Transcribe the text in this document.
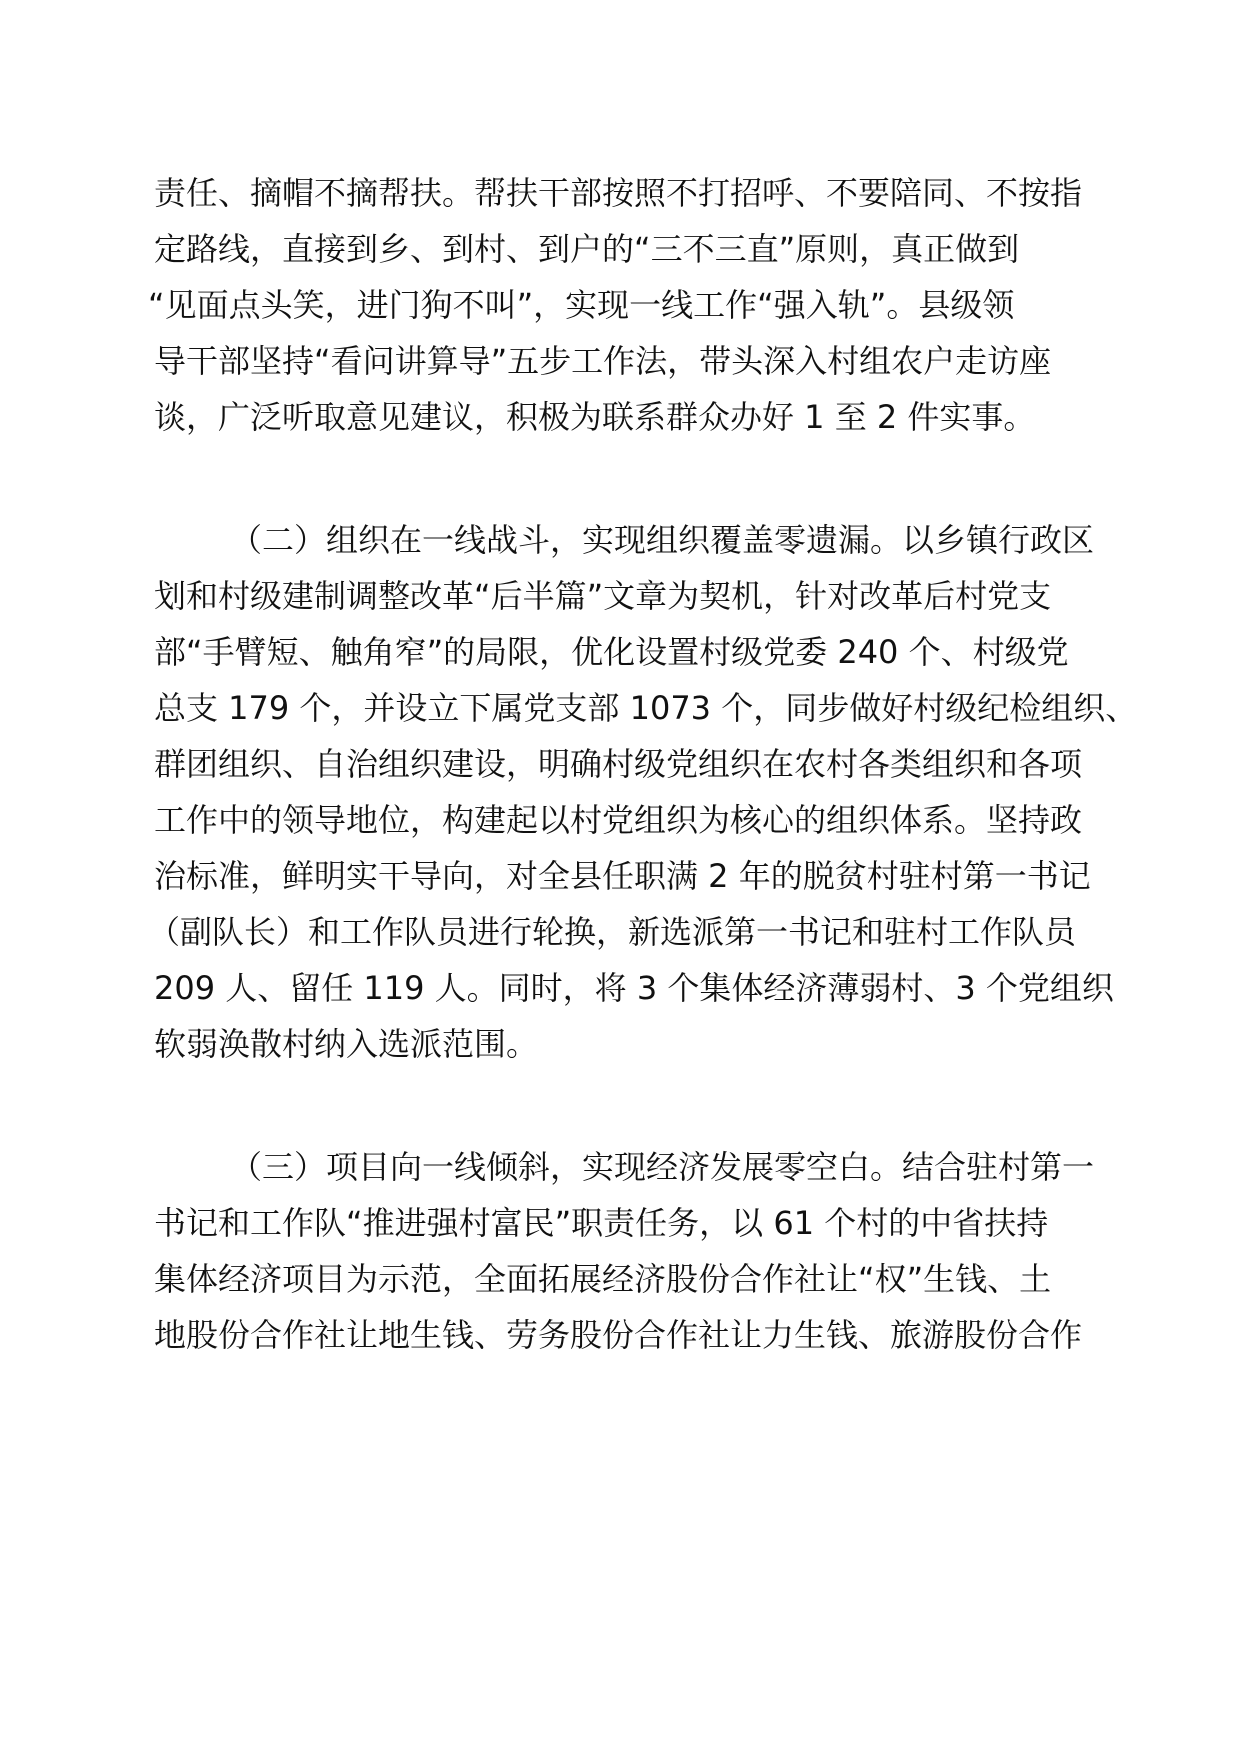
责任、摘帽不摘帮扶。帮扶干部按照不打招呼、不要陪同、不按指
定路线，直接到乡、到村、到户的“三不三直”原则，真正做到
“见面点头笑，进门狗不叫”，实现一线工作“强入轨”。县级领
导干部坚持“看问讲算导”五步工作法，带头深入村组农户走访座
谈，广泛听取意见建议，积极为联系群众办好 1 至 2 件实事。
（二）组织在一线战斗，实现组织覆盖零遗漏。以乡镇行政区
划和村级建制调整改革“后半篇”文章为契机，针对改革后村党支
部“手臂短、触角窄”的局限，优化设置村级党委 240 个、村级党
总支 179 个，并设立下属党支部 1073 个，同步做好村级纪检组织、
群团组织、自治组织建设，明确村级党组织在农村各类组织和各项
工作中的领导地位，构建起以村党组织为核心的组织体系。坚持政
治标准，鲜明实干导向，对全县任职满 2 年的脱贫村驻村第一书记
（副队长）和工作队员进行轮换，新选派第一书记和驻村工作队员
209 人、留任 119 人。同时，将 3 个集体经济薄弱村、3 个党组织
软弱涣散村纳入选派范围。
（三）项目向一线倾斜，实现经济发展零空白。结合驻村第一
书记和工作队“推进强村富民”职责任务，以 61 个村的中省扶持
集体经济项目为示范，全面拓展经济股份合作社让“权”生钱、土
地股份合作社让地生钱、劳务股份合作社让力生钱、旅游股份合作
